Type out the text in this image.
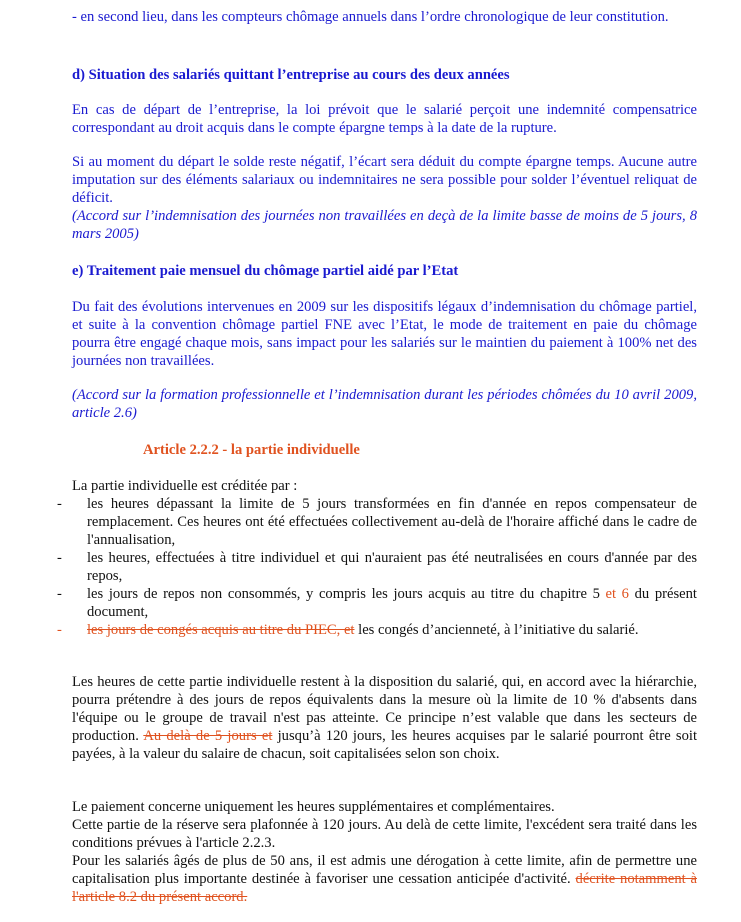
- en second lieu, dans les compteurs chômage annuels dans l’ordre chronologique de leur constitution.

d) Situation des salariés quittant l’entreprise au cours des deux années

En cas de départ de l’entreprise, la loi prévoit que le salarié perçoit une indemnité compensatrice correspondant au droit acquis dans le compte épargne temps à la date de la rupture.

Si au moment du départ le solde reste négatif, l’écart sera déduit du compte épargne temps. Aucune autre imputation sur des éléments salariaux ou indemnitaires ne sera possible pour solder l’éventuel reliquat de déficit.

(Accord sur l’indemnisation des journées non travaillées en deçà de la limite basse de moins de 5 jours, 8 mars 2005)

e) Traitement paie mensuel du chômage partiel aidé par l’Etat

Du fait des évolutions intervenues en 2009 sur les dispositifs légaux d’indemnisation du chômage partiel, et suite à la convention chômage partiel FNE avec l’Etat, le mode de traitement en paie du chômage pourra être engagé chaque mois, sans impact pour les salariés sur le maintien du paiement à 100% net des journées non travaillées.

(Accord sur la formation professionnelle et l’indemnisation durant les périodes chômées du 10 avril 2009, article 2.6)

Article 2.2.2 - la partie individuelle

La partie individuelle est créditée par :

- les heures dépassant la limite de 5 jours transformées en fin d'année en repos compensateur de remplacement. Ces heures ont été effectuées collectivement au-delà de l'horaire affiché dans le cadre de l'annualisation,
- les heures, effectuées à titre individuel et qui n'auraient pas été neutralisées en cours d'année par des repos,
- les jours de repos non consommés, y compris les jours acquis au titre du chapitre 5 et 6 du présent document,
- les jours de congés acquis au titre du PIEC, et les congés d’ancienneté, à l’initiative du salarié.

Les heures de cette partie individuelle restent à la disposition du salarié, qui, en accord avec la hiérarchie, pourra prétendre à des jours de repos équivalents dans la mesure où la limite de 10 % d'absents dans l'équipe ou le groupe de travail n'est pas atteinte. Ce principe n’est valable que dans les secteurs de production. Au delà de 5 jours et jusqu’à 120 jours, les heures acquises par le salarié pourront être soit payées, à la valeur du salaire de chacun, soit capitalisées selon son choix.

Le paiement concerne uniquement les heures supplémentaires et complémentaires.

Cette partie de la réserve sera plafonnée à 120 jours. Au delà de cette limite, l'excédent sera traité dans les conditions prévues à l'article 2.2.3.

Pour les salariés âgés de plus de 50 ans, il est admis une dérogation à cette limite, afin de permettre une capitalisation plus importante destinée à favoriser une cessation anticipée d'activité. décrite notamment à l'article 8.2 du présent accord.
